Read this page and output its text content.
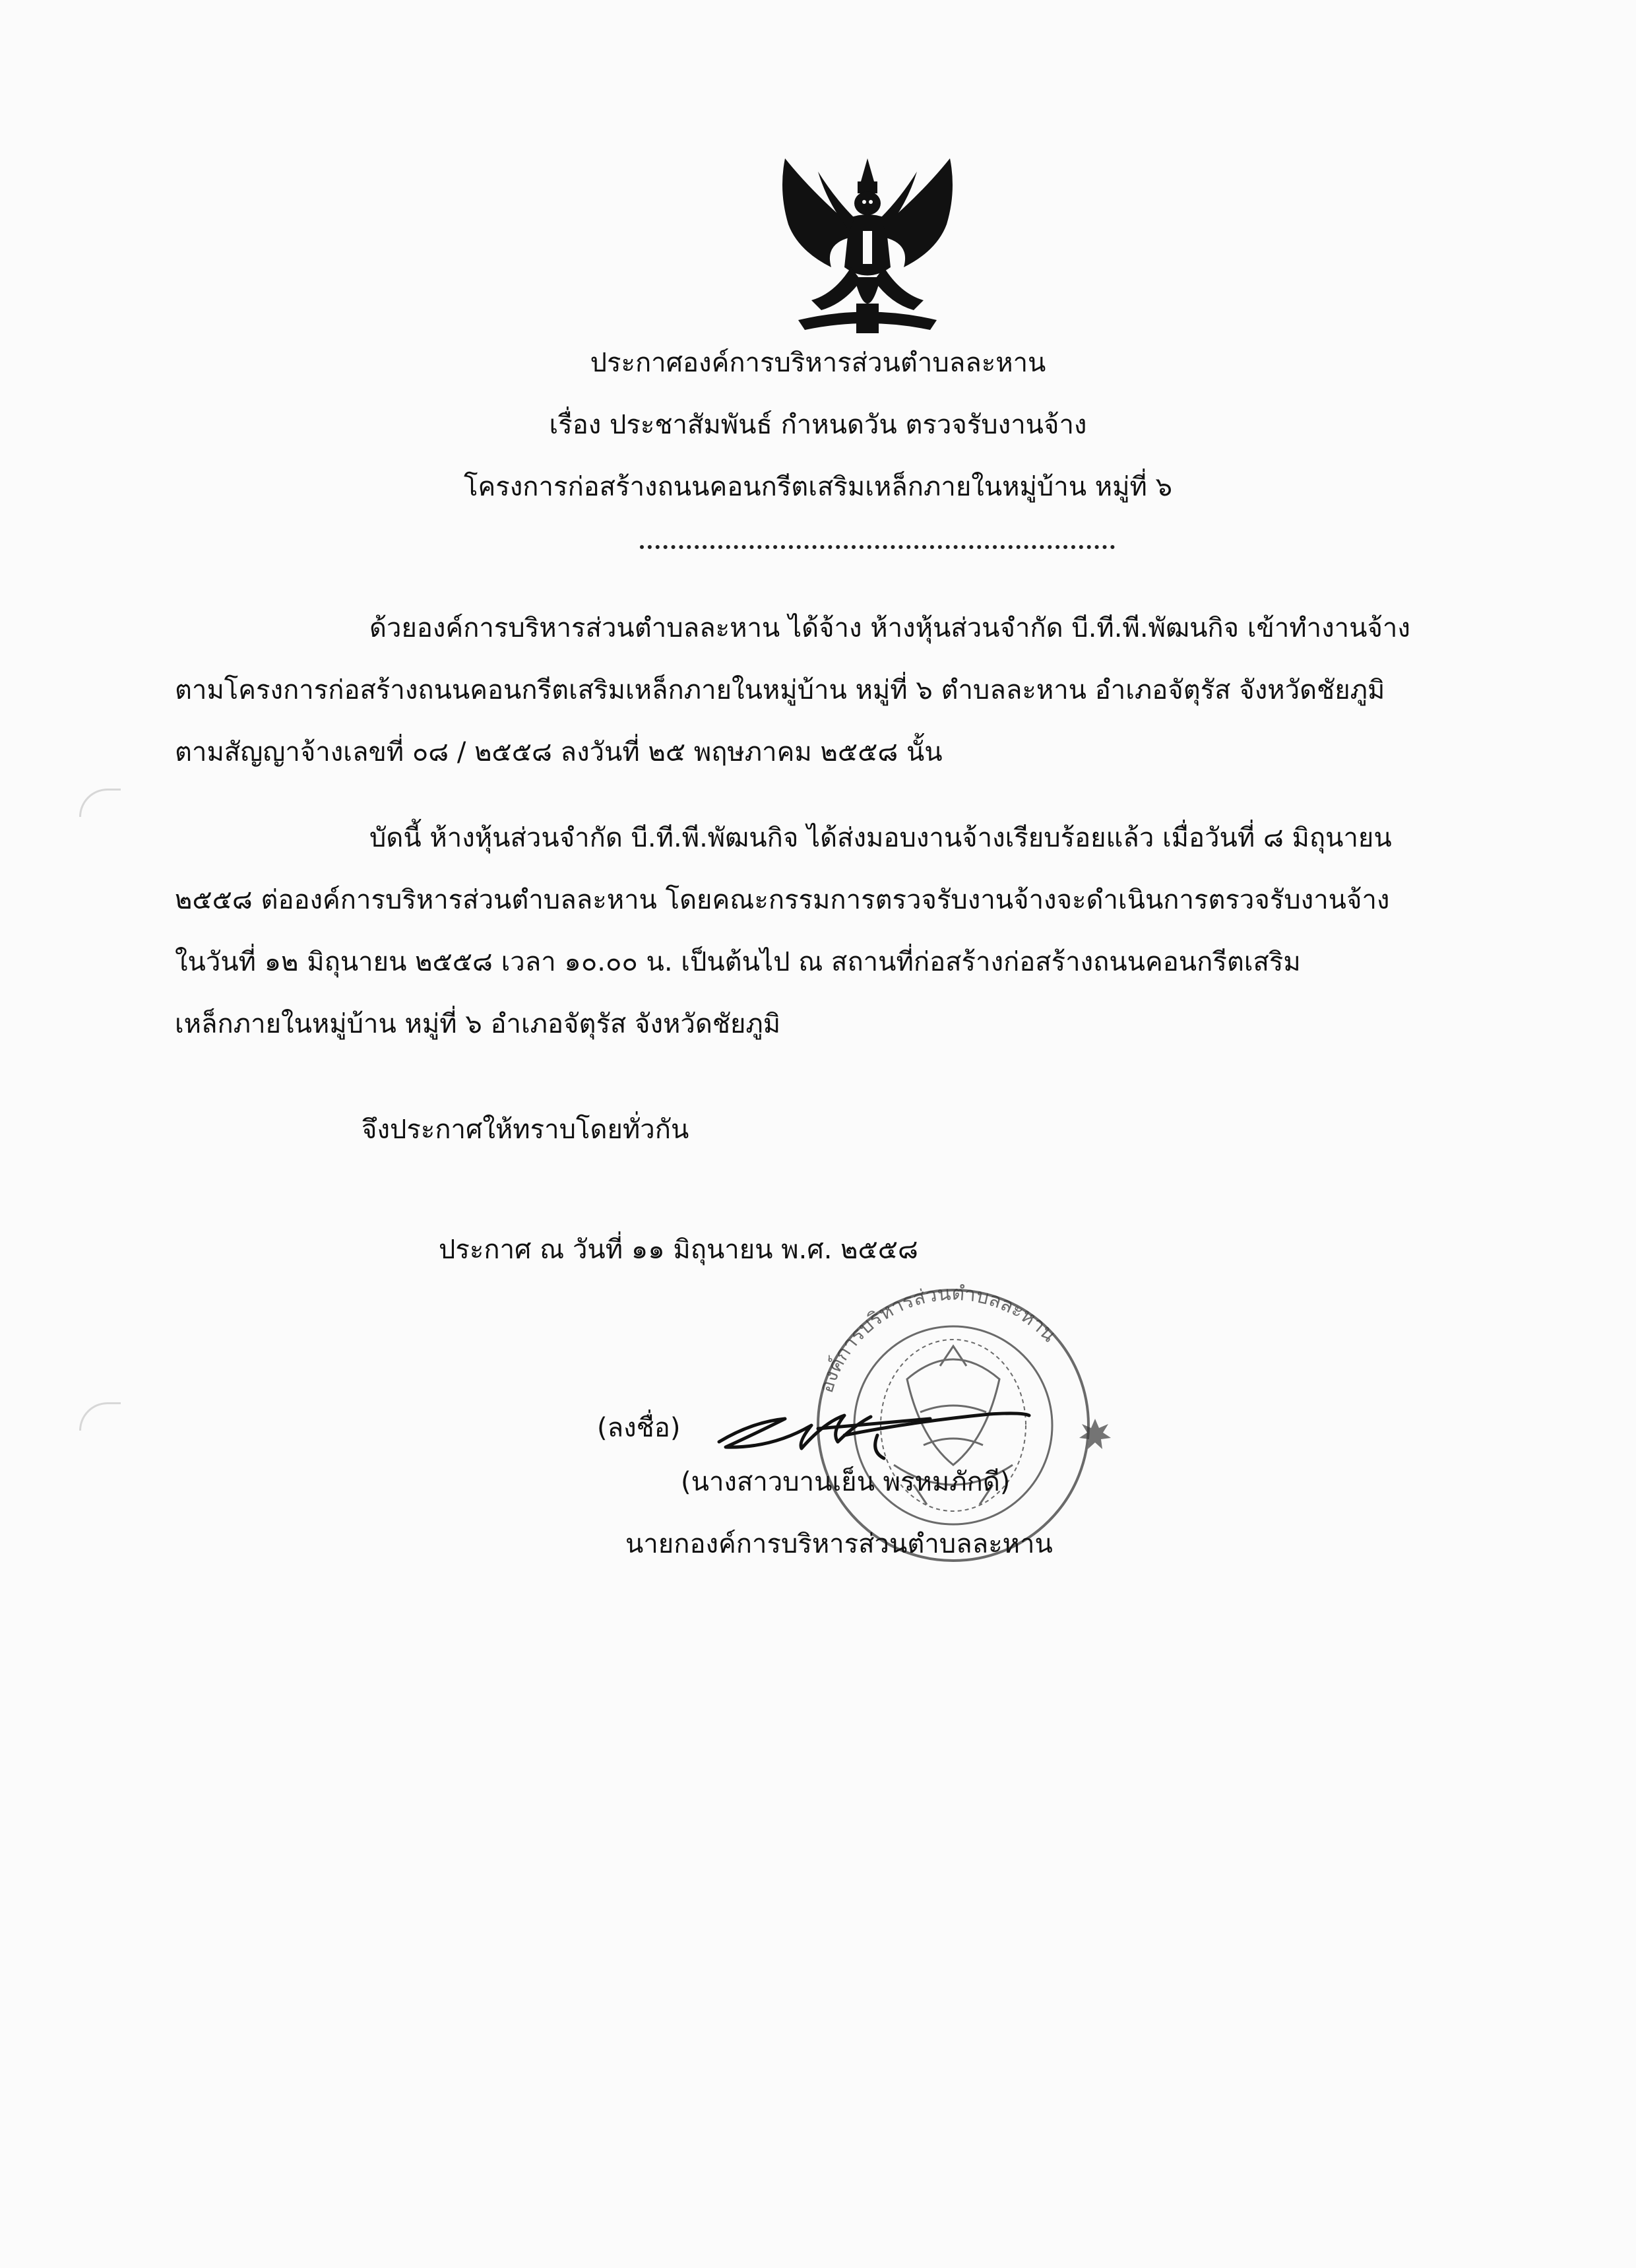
ประกาศองค์การบริหารส่วนตำบลละหาน
เรื่อง ประชาสัมพันธ์ กำหนดวัน ตรวจรับงานจ้าง
โครงการก่อสร้างถนนคอนกรีตเสริมเหล็กภายในหมู่บ้าน หมู่ที่ ๖
ด้วยองค์การบริหารส่วนตำบลละหาน ได้จ้าง ห้างหุ้นส่วนจำกัด บี.ที.พี.พัฒนกิจ เข้าทำงานจ้าง
ตามโครงการก่อสร้างถนนคอนกรีตเสริมเหล็กภายในหมู่บ้าน หมู่ที่ ๖ ตำบลละหาน อำเภอจัตุรัส จังหวัดชัยภูมิ
ตามสัญญาจ้างเลขที่ ๐๘ / ๒๕๕๘ ลงวันที่ ๒๕ พฤษภาคม ๒๕๕๘ นั้น
บัดนี้ ห้างหุ้นส่วนจำกัด บี.ที.พี.พัฒนกิจ ได้ส่งมอบงานจ้างเรียบร้อยแล้ว เมื่อวันที่ ๘ มิถุนายน
๒๕๕๘ ต่อองค์การบริหารส่วนตำบลละหาน โดยคณะกรรมการตรวจรับงานจ้างจะดำเนินการตรวจรับงานจ้าง
ในวันที่ ๑๒ มิถุนายน ๒๕๕๘ เวลา ๑๐.๐๐ น. เป็นต้นไป ณ สถานที่ก่อสร้างก่อสร้างถนนคอนกรีตเสริม
เหล็กภายในหมู่บ้าน หมู่ที่ ๖ อำเภอจัตุรัส จังหวัดชัยภูมิ
จึงประกาศให้ทราบโดยทั่วกัน
ประกาศ ณ วันที่ ๑๑ มิถุนายน พ.ศ. ๒๕๕๘
องค์การบริหารส่วนตำบลละหาน
(ลงชื่อ)
(นางสาวบานเย็น พรหมภักดี)
นายกองค์การบริหารส่วนตำบลละหาน
